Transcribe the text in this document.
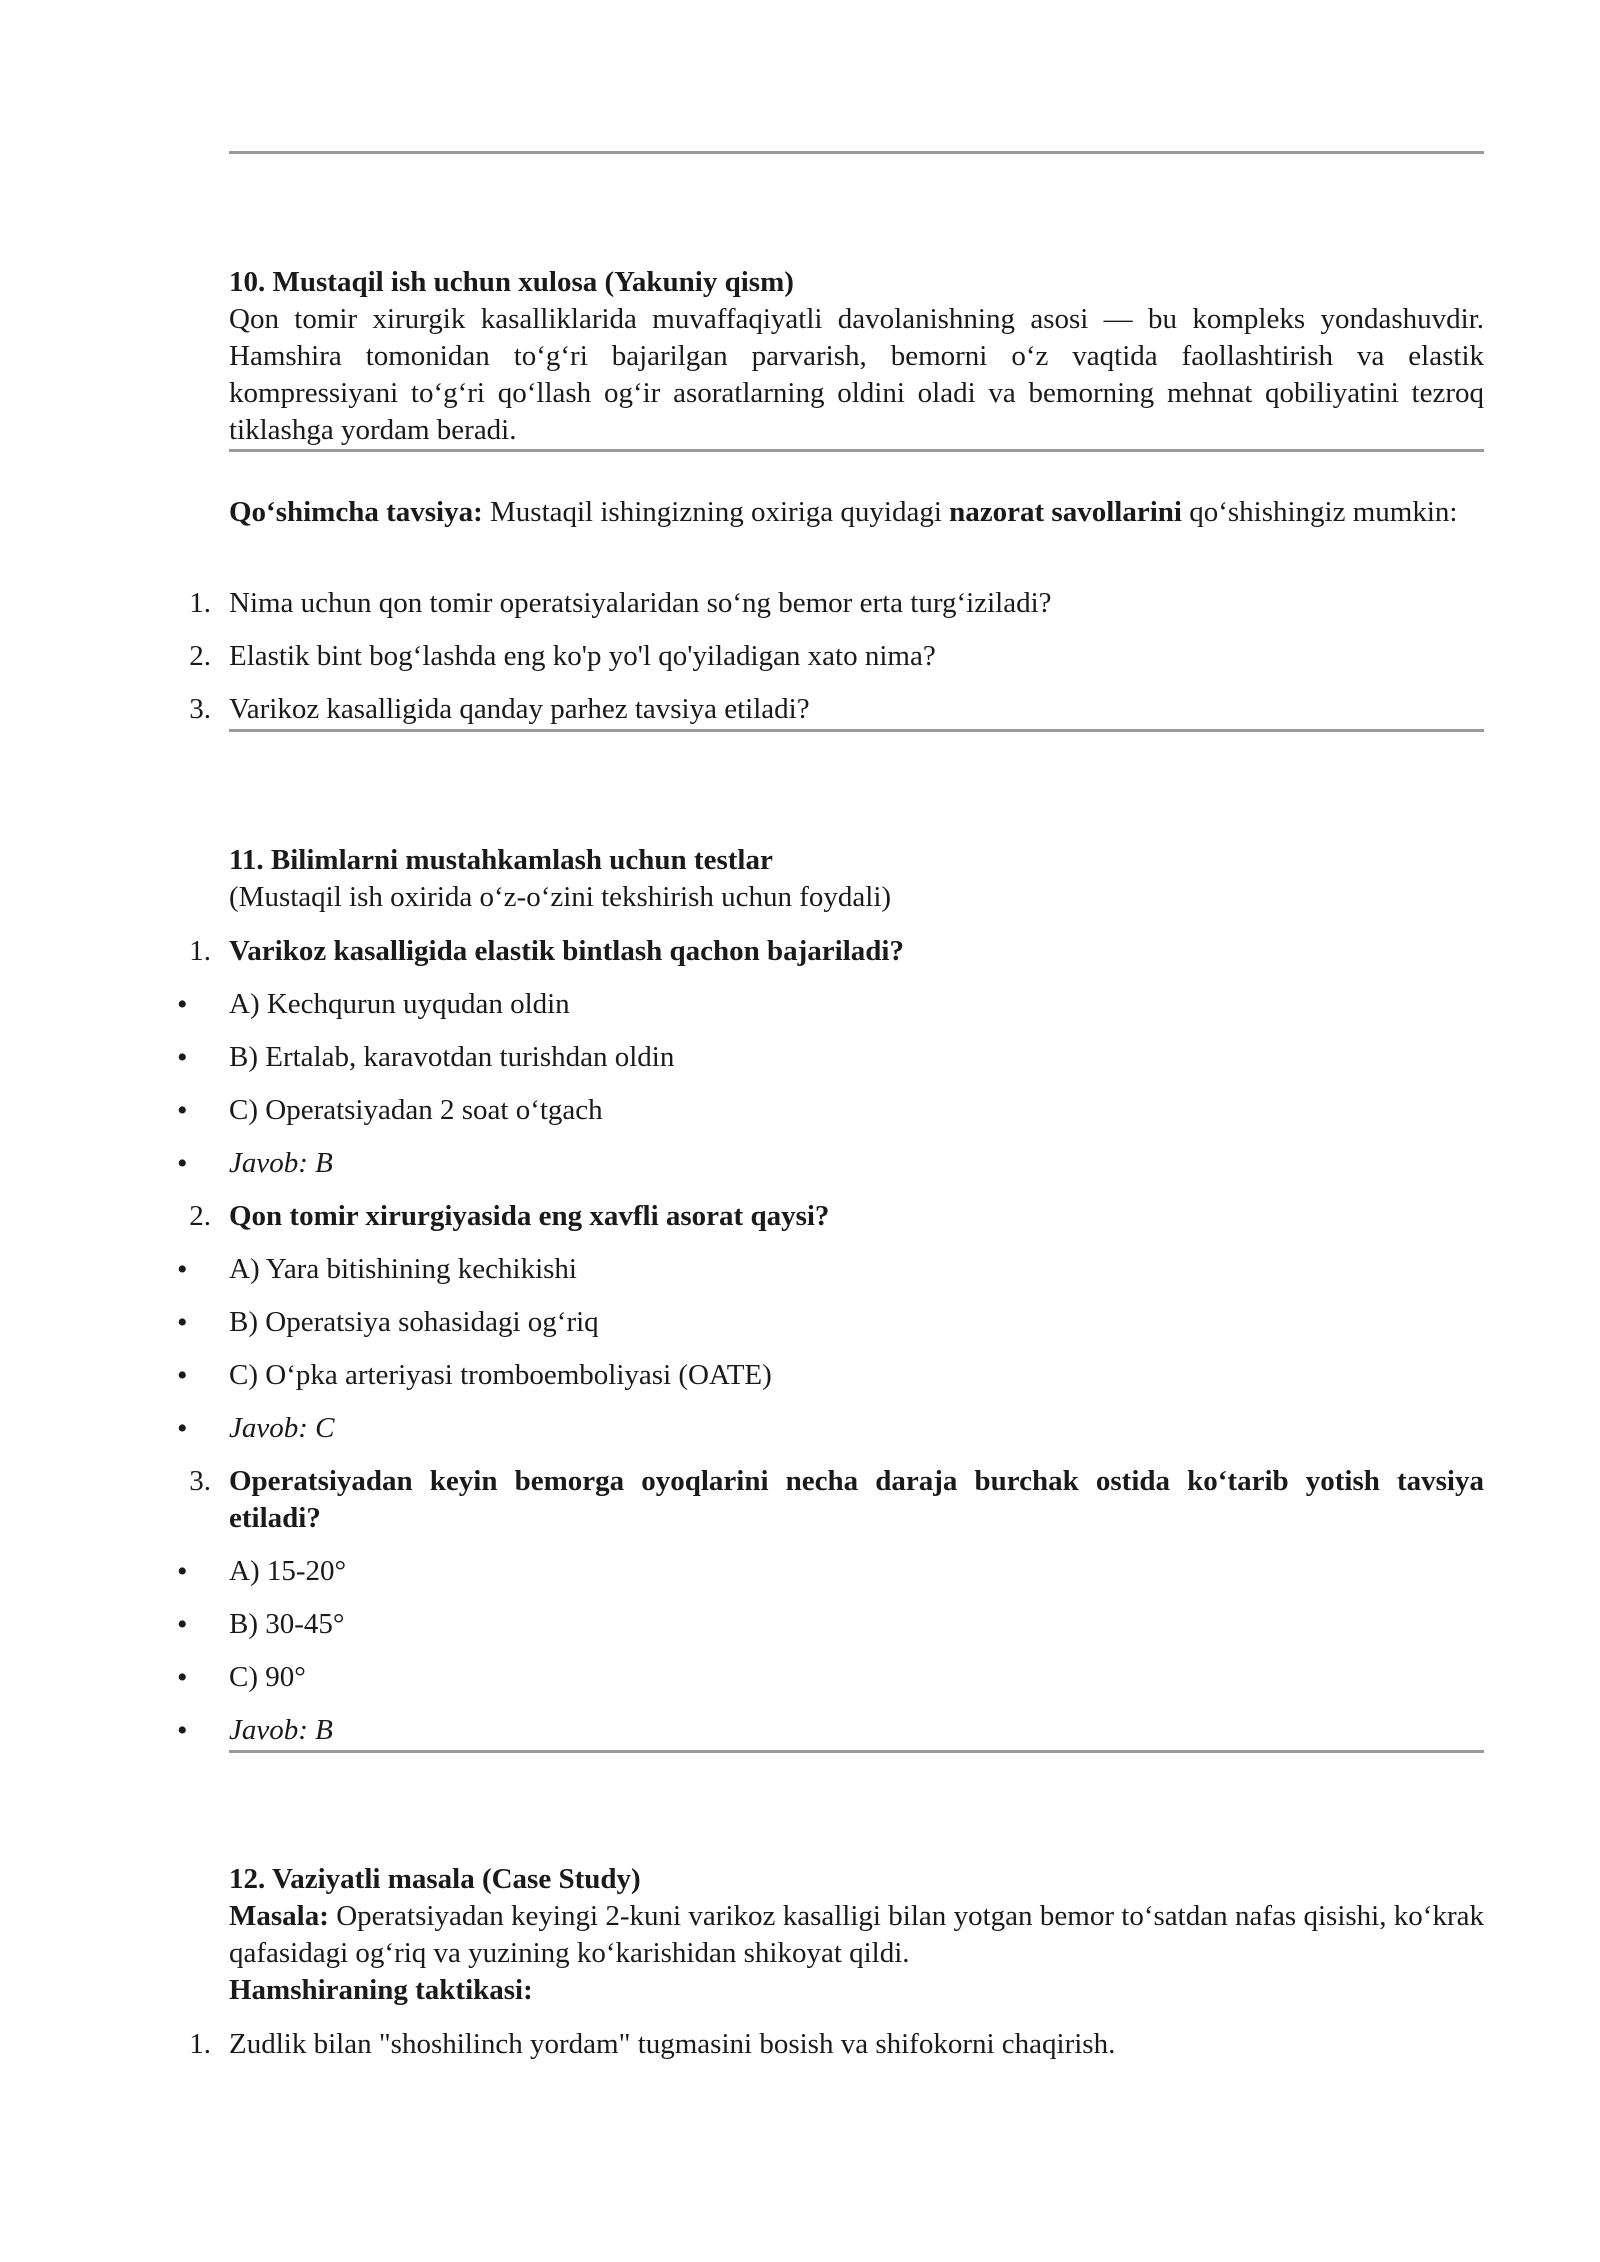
10. Mustaqil ish uchun xulosa (Yakuniy qism)

Qon tomir xirurgik kasalliklarida muvaffaqiyatli davolanishning asosi — bu kompleks yondashuvdir. Hamshira tomonidan to‘g‘ri bajarilgan parvarish, bemorni o‘z vaqtida faollashtirish va elastik kompressiyani to‘g‘ri qo‘llash og‘ir asoratlarning oldini oladi va bemorning mehnat qobiliyatini tezroq tiklashga yordam beradi.

Qo‘shimcha tavsiya: Mustaqil ishingizning oxiriga quyidagi nazorat savollarini qo‘shishingiz mumkin:

1. Nima uchun qon tomir operatsiyalaridan so‘ng bemor erta turg‘iziladi?
2. Elastik bint bog‘lashda eng ko'p yo'l qo'yiladigan xato nima?
3. Varikoz kasalligida qanday parhez tavsiya etiladi?

11. Bilimlarni mustahkamlash uchun testlar

(Mustaqil ish oxirida o‘z-o‘zini tekshirish uchun foydali)

1. Varikoz kasalligida elastik bintlash qachon bajariladi?
• A) Kechqurun uyqudan oldin
• B) Ertalab, karavotdan turishdan oldin
• C) Operatsiyadan 2 soat o‘tgach
• Javob: B
2. Qon tomir xirurgiyasida eng xavfli asorat qaysi?
• A) Yara bitishining kechikishi
• B) Operatsiya sohasidagi og‘riq
• C) O‘pka arteriyasi tromboemboliyasi (OATE)
• Javob: C
3. Operatsiyadan keyin bemorga oyoqlarini necha daraja burchak ostida ko‘tarib yotish tavsiya etiladi?

• A) 15-20°
• B) 30-45°
• C) 90°
• Javob: B

12. Vaziyatli masala (Case Study)

Masala: Operatsiyadan keyingi 2-kuni varikoz kasalligi bilan yotgan bemor to‘satdan nafas qisishi, ko‘krak qafasidagi og‘riq va yuzining ko‘karishidan shikoyat qildi.

Hamshiraning taktikasi:

1. Zudlik bilan "shoshilinch yordam" tugmasini bosish va shifokorni chaqirish.
